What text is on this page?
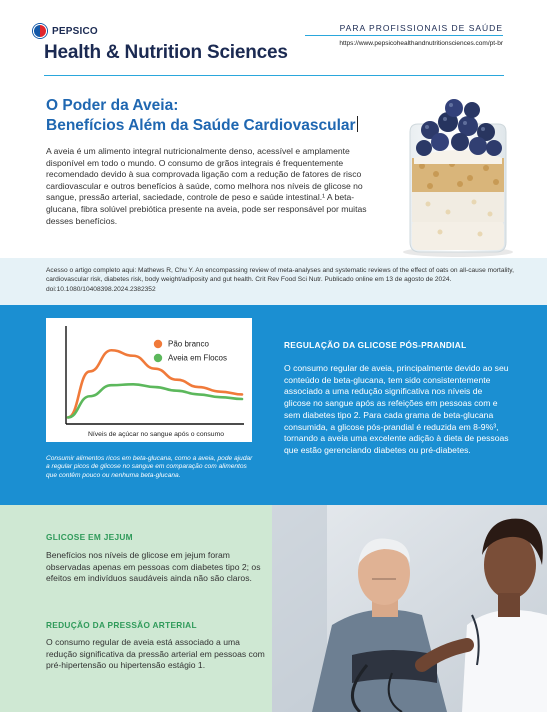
PEPSICO
Health & Nutrition Sciences
PARA PROFISSIONAIS DE SAÚDE
https://www.pepsicohealthandnutritionsciences.com/pt-br
O Poder da Aveia:
Benefícios Além da Saúde Cardiovascular
A aveia é um alimento integral nutricionalmente denso, acessível e amplamente disponível em todo o mundo. O consumo de grãos integrais é frequentemente recomendado devido à sua comprovada ligação com a redução de fatores de risco cardiovascular e outros benefícios à saúde, como melhora nos níveis de glicose no sangue, pressão arterial, saciedade, controle de peso e saúde intestinal.¹ A beta-glucana, fibra solúvel prebiótica presente na aveia, pode ser responsável por muitas desses benefícios.
Acesso o artigo completo aqui: Mathews R, Chu Y. An encompassing review of meta-analyses and systematic reviews of the effect of oats on all-cause mortality, cardiovascular risk, diabetes risk, body weight/adiposity and gut health. Crit Rev Food Sci Nutr. Publicado online em 13 de agosto de 2024. doi:10.1080/10408398.2024.2382352
Pão branco
Aveia em Flocos
Níveis de açúcar no sangue após o consumo
Consumir alimentos ricos em beta-glucana, como a aveia, pode ajudar a regular picos de glicose no sangue em comparação com alimentos que contêm pouco ou nenhuma beta-glucana.
REGULAÇÃO DA GLICOSE PÓS-PRANDIAL
O consumo regular de aveia, principalmente devido ao seu conteúdo de beta-glucana, tem sido consistentemente associado a uma redução significativa nos níveis de glicose no sangue após as refeições em pessoas com e sem diabetes tipo 2. Para cada grama de beta-glucana consumida, a glicose pós-prandial é reduzida em 8-9%³, tornando a aveia uma excelente adição à dieta de pessoas que estão gerenciando diabetes ou pré-diabetes.
GLICOSE EM JEJUM
Benefícios nos níveis de glicose em jejum foram observadas apenas em pessoas com diabetes tipo 2; os efeitos em indivíduos saudáveis ainda não são claros.
REDUÇÃO DA PRESSÃO ARTERIAL
O consumo regular de aveia está associado a uma redução significativa da pressão arterial em pessoas com pré-hipertensão ou hipertensão estágio 1.
